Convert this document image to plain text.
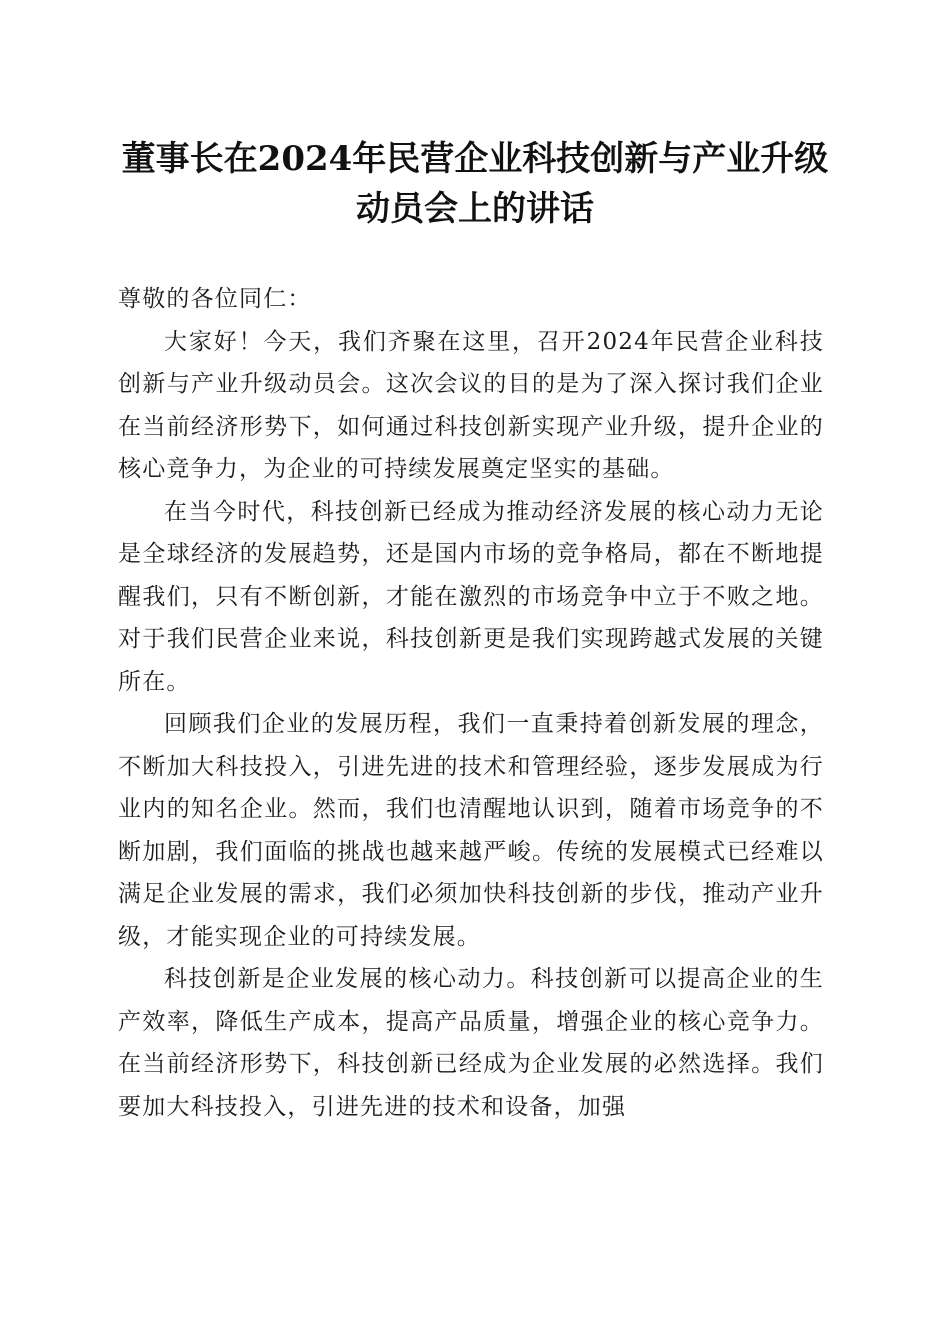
董事长在2024年民营企业科技创新与产业升级动员会上的讲话

尊敬的各位同仁：

大家好！今天，我们齐聚在这里，召开2024年民营企业科技创新与产业升级动员会。这次会议的目的是为了深入探讨我们企业在当前经济形势下，如何通过科技创新实现产业升级，提升企业的核心竞争力，为企业的可持续发展奠定坚实的基础。

在当今时代，科技创新已经成为推动经济发展的核心动力无论是全球经济的发展趋势，还是国内市场的竞争格局，都在不断地提醒我们，只有不断创新，才能在激烈的市场竞争中立于不败之地。对于我们民营企业来说，科技创新更是我们实现跨越式发展的关键所在。

回顾我们企业的发展历程，我们一直秉持着创新发展的理念，不断加大科技投入，引进先进的技术和管理经验，逐步发展成为行业内的知名企业。然而，我们也清醒地认识到，随着市场竞争的不断加剧，我们面临的挑战也越来越严峻。传统的发展模式已经难以满足企业发展的需求，我们必须加快科技创新的步伐，推动产业升级，才能实现企业的可持续发展。

科技创新是企业发展的核心动力。科技创新可以提高企业的生产效率，降低生产成本，提高产品质量，增强企业的核心竞争力。在当前经济形势下，科技创新已经成为企业发展的必然选择。我们要加大科技投入，引进先进的技术和设备，加强
